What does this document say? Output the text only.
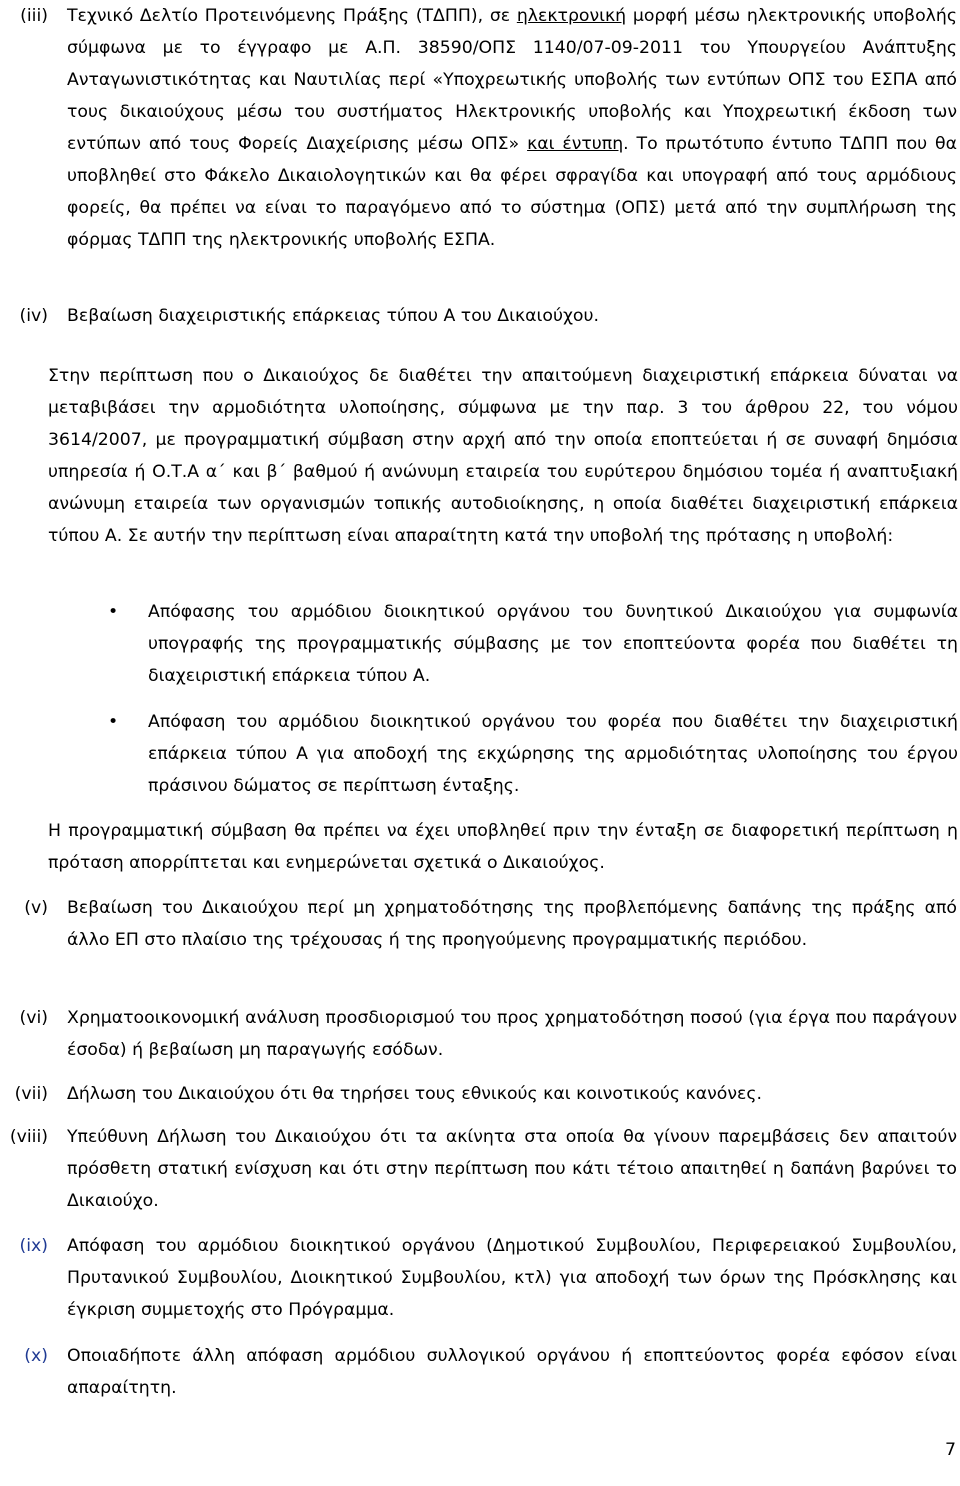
(iii) Τεχνικό Δελτίο Προτεινόμενης Πράξης (ΤΔΠΠ), σε ηλεκτρονική μορφή μέσω ηλεκτρονικής υποβολής σύμφωνα με το έγγραφο με Α.Π. 38590/ΟΠΣ 1140/07-09-2011 του Υπουργείου Ανάπτυξης Ανταγωνιστικότητας και Ναυτιλίας περί «Υποχρεωτικής υποβολής των εντύπων ΟΠΣ του ΕΣΠΑ από τους δικαιούχους μέσω του συστήματος Ηλεκτρονικής υποβολής και Υποχρεωτική έκδοση των εντύπων από τους Φορείς Διαχείρισης μέσω ΟΠΣ» και έντυπη. Το πρωτότυπο έντυπο ΤΔΠΠ που θα υποβληθεί στο Φάκελο Δικαιολογητικών και θα φέρει σφραγίδα και υπογραφή από τους αρμόδιους φορείς, θα πρέπει να είναι το παραγόμενο από το σύστημα (ΟΠΣ) μετά από την συμπλήρωση της φόρμας ΤΔΠΠ της ηλεκτρονικής υποβολής ΕΣΠΑ.
(iv) Βεβαίωση διαχειριστικής επάρκειας τύπου Α του Δικαιούχου.
Στην περίπτωση που ο Δικαιούχος δε διαθέτει την απαιτούμενη διαχειριστική επάρκεια δύναται να μεταβιβάσει την αρμοδιότητα υλοποίησης, σύμφωνα με την παρ. 3 του άρθρου 22, του νόμου 3614/2007, με προγραμματική σύμβαση στην αρχή από την οποία εποπτεύεται ή σε συναφή δημόσια υπηρεσία ή Ο.Τ.Α α΄ και β΄ βαθμού ή ανώνυμη εταιρεία του ευρύτερου δημόσιου τομέα ή αναπτυξιακή ανώνυμη εταιρεία των οργανισμών τοπικής αυτοδιοίκησης, η οποία διαθέτει διαχειριστική επάρκεια τύπου Α. Σε αυτήν την περίπτωση είναι απαραίτητη κατά την υποβολή της πρότασης η υποβολή:
• Απόφασης του αρμόδιου διοικητικού οργάνου του δυνητικού Δικαιούχου για συμφωνία υπογραφής της προγραμματικής σύμβασης με τον εποπτεύοντα φορέα που διαθέτει τη διαχειριστική επάρκεια τύπου Α.
• Απόφαση του αρμόδιου διοικητικού οργάνου του φορέα που διαθέτει την διαχειριστική επάρκεια τύπου Α για αποδοχή της εκχώρησης της αρμοδιότητας υλοποίησης του έργου πράσινου δώματος σε περίπτωση ένταξης.
Η προγραμματική σύμβαση θα πρέπει να έχει υποβληθεί πριν την ένταξη σε διαφορετική περίπτωση η πρόταση απορρίπτεται και ενημερώνεται σχετικά ο Δικαιούχος.
(v) Βεβαίωση του Δικαιούχου περί μη χρηματοδότησης της προβλεπόμενης δαπάνης της πράξης από άλλο ΕΠ στο πλαίσιο της τρέχουσας ή της προηγούμενης προγραμματικής περιόδου.
(vi) Χρηματοοικονομική ανάλυση προσδιορισμού του προς χρηματοδότηση ποσού (για έργα που παράγουν έσοδα) ή βεβαίωση μη παραγωγής εσόδων.
(vii) Δήλωση του Δικαιούχου ότι θα τηρήσει τους εθνικούς και κοινοτικούς κανόνες.
(viii) Υπεύθυνη Δήλωση του Δικαιούχου ότι τα ακίνητα στα οποία θα γίνουν παρεμβάσεις δεν απαιτούν πρόσθετη στατική ενίσχυση και ότι στην περίπτωση που κάτι τέτοιο απαιτηθεί η δαπάνη βαρύνει το Δικαιούχο.
(ix) Απόφαση του αρμόδιου διοικητικού οργάνου (Δημοτικού Συμβουλίου, Περιφερειακού Συμβουλίου, Πρυτανικού Συμβουλίου, Διοικητικού Συμβουλίου, κτλ) για αποδοχή των όρων της Πρόσκλησης και έγκριση συμμετοχής στο Πρόγραμμα.
(x) Οποιαδήποτε άλλη απόφαση αρμόδιου συλλογικού οργάνου ή εποπτεύοντος φορέα εφόσον είναι απαραίτητη.
7
